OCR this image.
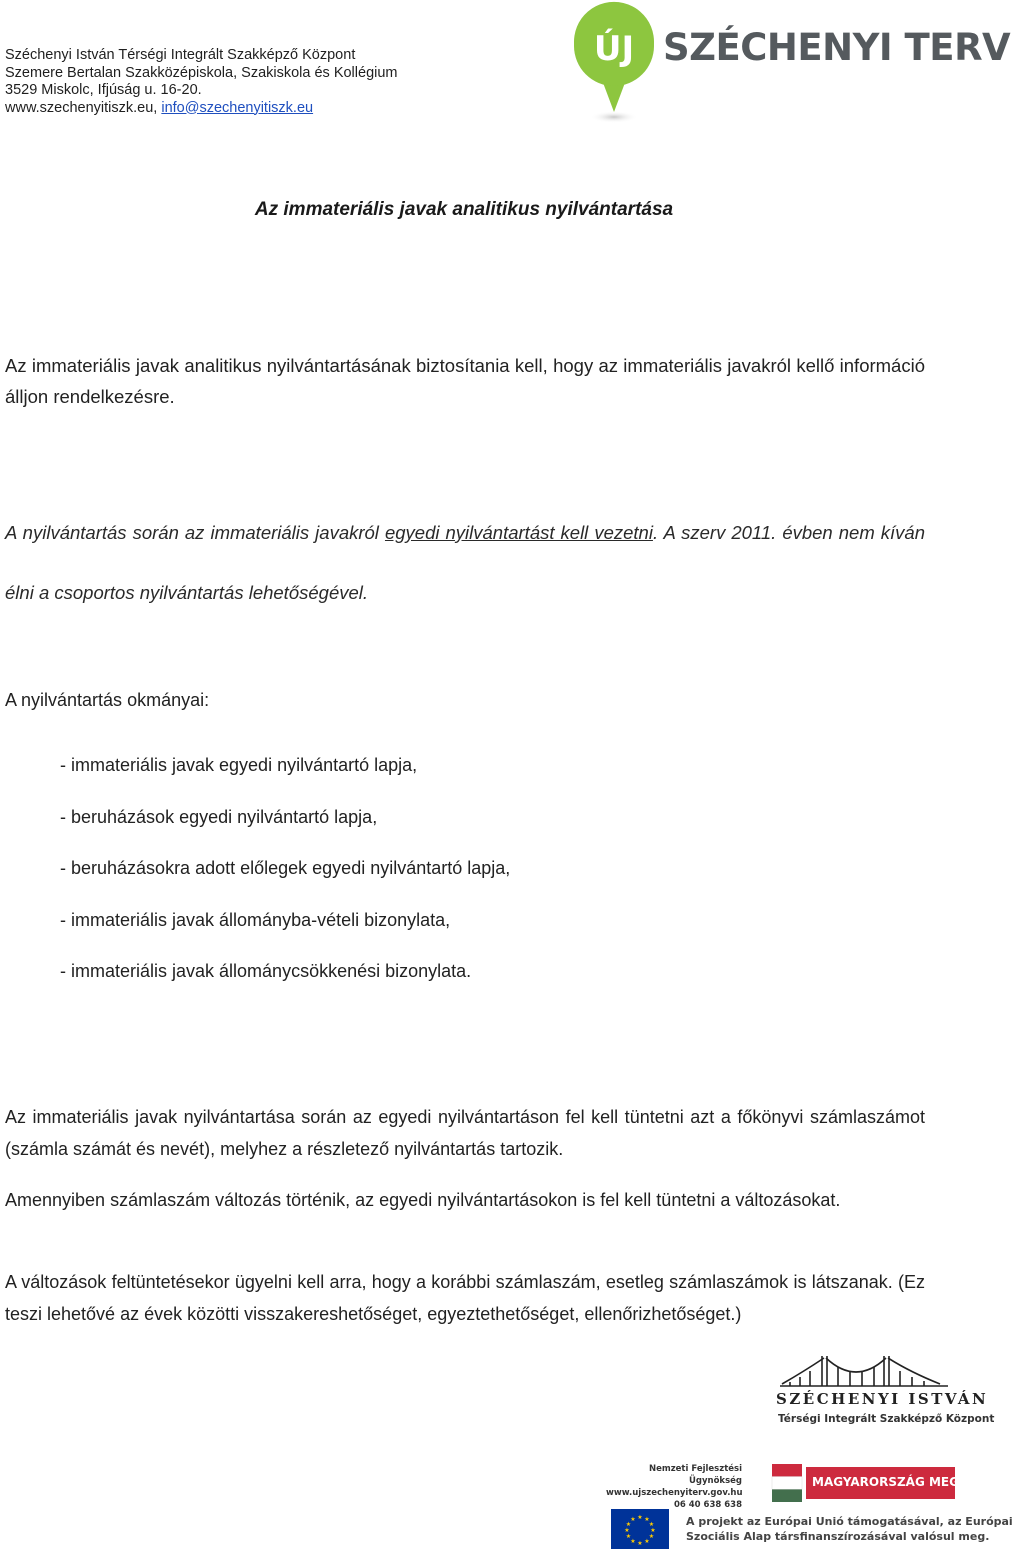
Széchenyi István Térségi Integrált Szakképző Központ
Szemere Bertalan Szakközépiskola, Szakiskola és Kollégium
3529 Miskolc, Ifjúság u. 16-20.
www.szechenyitiszk.eu, info@szechenyitiszk.eu
ÚJ SZÉCHENYI TERV
Az immateriális javak analitikus nyilvántartása
Az immateriális javak analitikus nyilvántartásának biztosítania kell, hogy az immateriális javakról kellő információ álljon rendelkezésre.
A nyilvántartás során az immateriális javakról egyedi nyilvántartást kell vezetni. A szerv 2011. évben nem kíván élni a csoportos nyilvántartás lehetőségével.
A nyilvántartás okmányai:
- immateriális javak egyedi nyilvántartó lapja,
- beruházások egyedi nyilvántartó lapja,
- beruházásokra adott előlegek egyedi nyilvántartó lapja,
- immateriális javak állományba-vételi bizonylata,
- immateriális javak állománycsökkenési bizonylata.
Az immateriális javak nyilvántartása során az egyedi nyilvántartáson fel kell tüntetni azt a főkönyvi számlaszámot (számla számát és nevét), melyhez a részletező nyilvántartás tartozik.
Amennyiben számlaszám változás történik, az egyedi nyilvántartásokon is fel kell tüntetni a változásokat.
A változások feltüntetésekor ügyelni kell arra, hogy a korábbi számlaszám, esetleg számlaszámok is látszanak. (Ez teszi lehetővé az évek közötti visszakereshetőséget, egyeztethetőséget, ellenőrizhetőséget.)
SZÉCHENYI ISTVÁN
Térségi Integrált Szakképző Központ
Nemzeti Fejlesztési Ügynökség
www.ujszechenyiterv.gov.hu
06 40 638 638
MAGYARORSZÁG MEGÚJUL
★ ★
★
★
★
★
★
★
★
★
★
★	A projekt az Európai Unió támogatásával, az Európai
Szociális Alap társfinanszírozásával valósul meg.
